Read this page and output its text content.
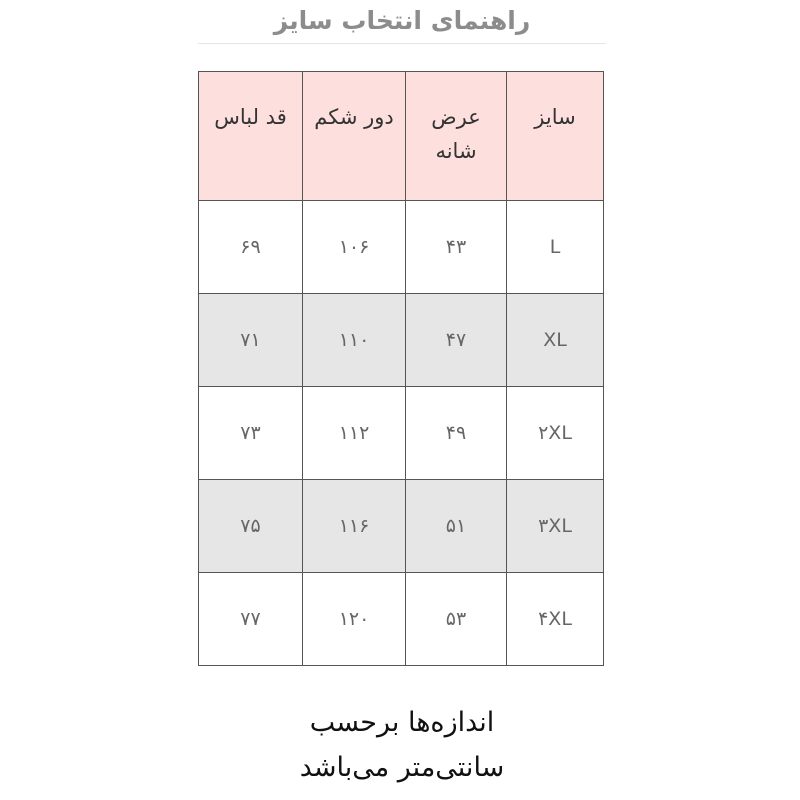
راهنمای انتخاب سایز
سایز	عرض شانه	دور شکم	قد لباس
L	۴۳	۱۰۶	۶۹
XL	۴۷	۱۱۰	۷۱
۲XL	۴۹	۱۱۲	۷۳
۳XL	۵۱	۱۱۶	۷۵
۴XL	۵۳	۱۲۰	۷۷
اندازه‌ها برحسب سانتی‌متر می‌باشد
